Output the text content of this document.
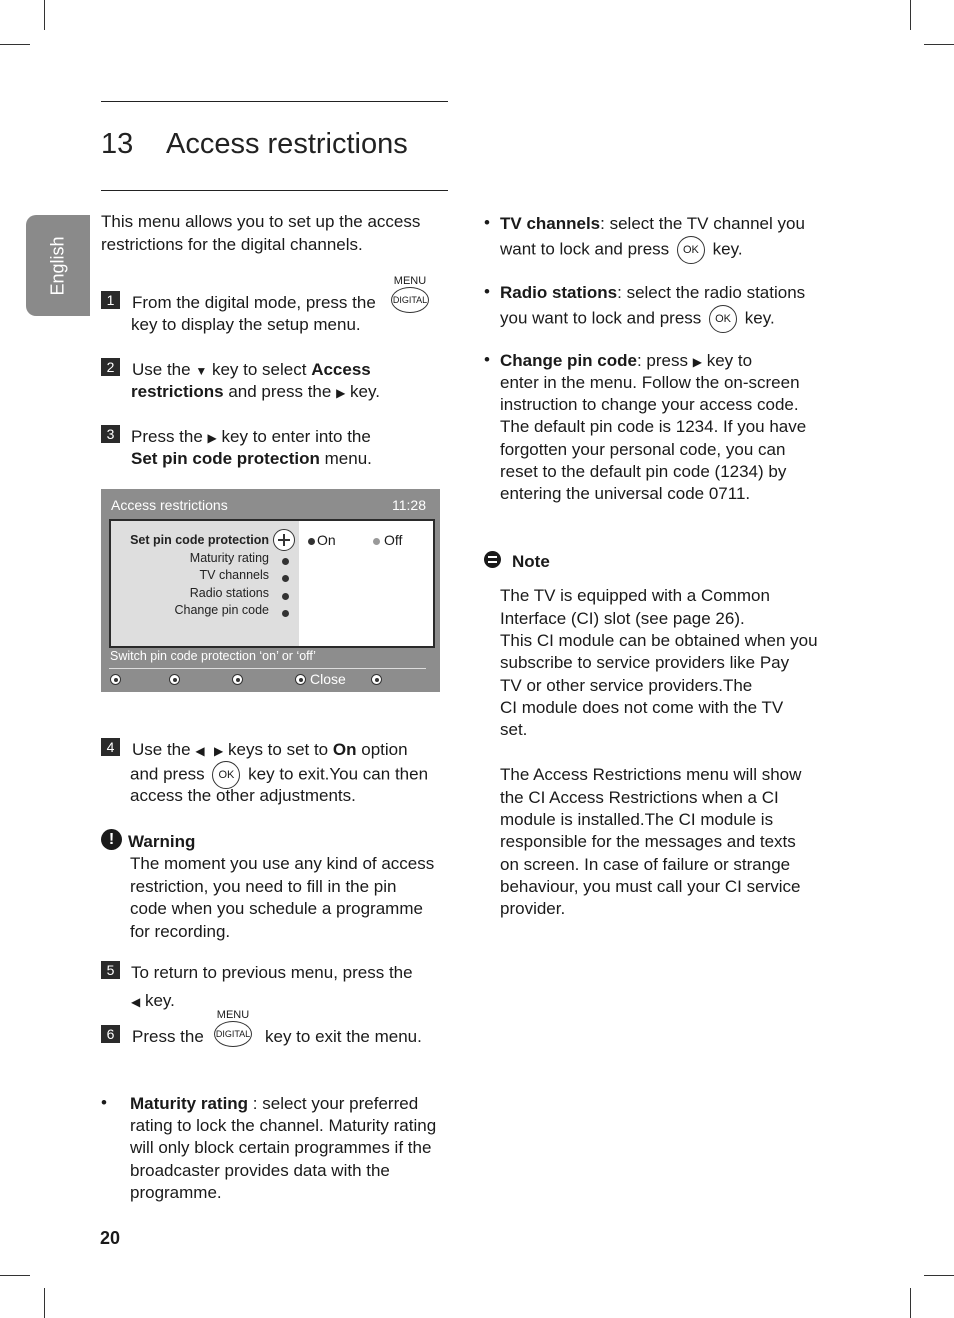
13 Access restrictions
English
This menu allows you to set up the access restrictions for the digital channels.
1	From the digital mode, press the
MENU
DIGITAL
key to display the setup menu.
2	Use the ▼ key to select Access
restrictions and press the ▶ key.
3 Press the ▶ key to enter into the
Set pin code protection menu.
Access restrictions	11:28
Set pin code protection
Maturity rating
TV channels
Radio stations
Change pin code
On	Off
Switch pin code protection ‘on’ or ‘off’
Close
4	Use the ◀ ▶ keys to set to On option
and press OK key to exit.You can then
access the other adjustments.
! Warning
The moment you use any kind of access
restriction, you need to fill in the pin
code when you schedule a programme
for recording.
5 To return to previous menu, press the
◀ key.
6	Press the
MENU
DIGITAL key to exit the menu.
• Maturity rating : select your preferred
rating to lock the channel. Maturity rating
will only block certain programmes if the
broadcaster provides data with the
programme.
20
• TV channels: select the TV channel you
want to lock and press OK key.
• Radio stations: select the radio stations
you want to lock and press OK key.
• Change pin code: press ▶ key to
enter in the menu. Follow the on-screen
instruction to change your access code.
The default pin code is 1234. If you have
forgotten your personal code, you can
reset to the default pin code (1234) by
entering the universal code 0711.
Note
The TV is equipped with a Common
Interface (CI) slot (see page 26).
This CI module can be obtained when you
subscribe to service providers like Pay
TV or other service providers.The
CI module does not come with the TV
set.
The Access Restrictions menu will show
the CI Access Restrictions when a CI
module is installed.The CI module is
responsible for the messages and texts
on screen. In case of failure or strange
behaviour, you must call your CI service
provider.
